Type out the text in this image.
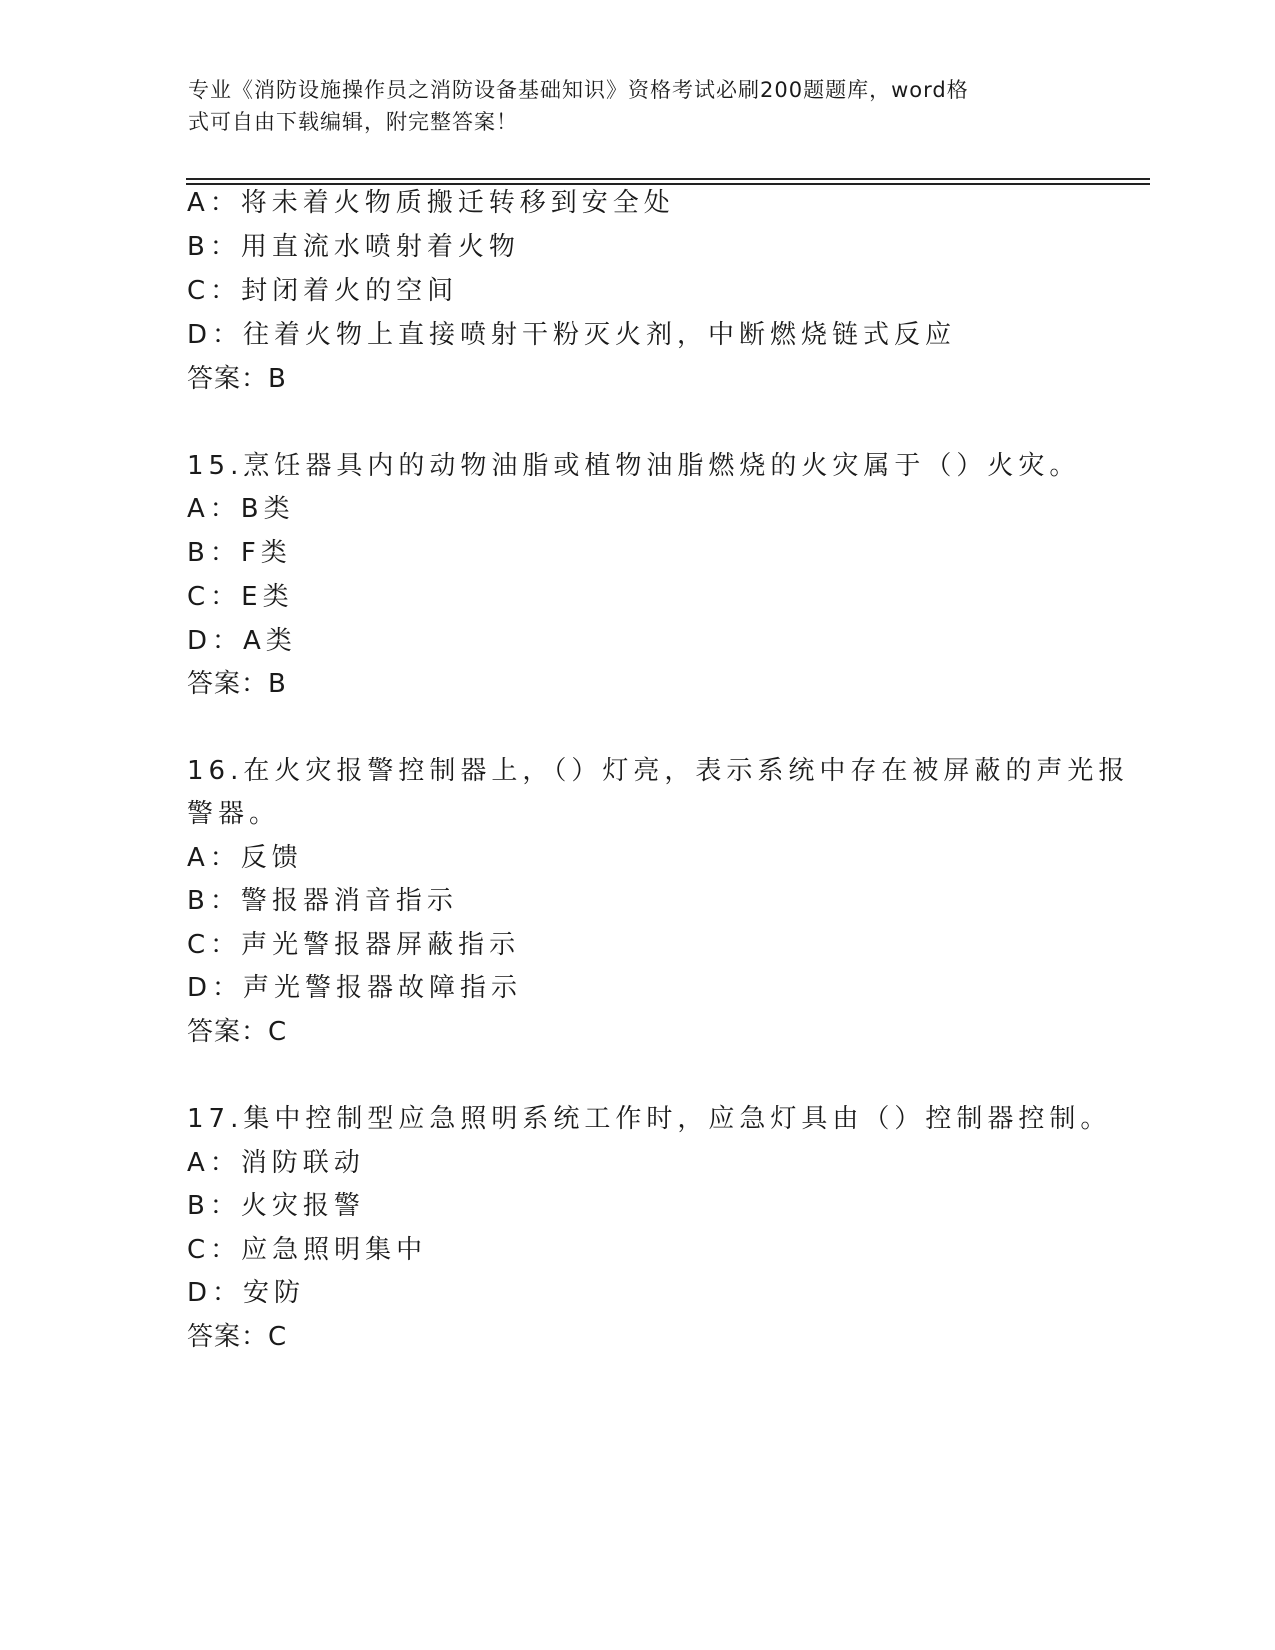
专业《消防设施操作员之消防设备基础知识》资格考试必刷200题题库，word格
式可自由下载编辑，附完整答案！
A：将未着火物质搬迁转移到安全处
B：用直流水喷射着火物
C：封闭着火的空间
D：往着火物上直接喷射干粉灭火剂，中断燃烧链式反应
答案：B
15.烹饪器具内的动物油脂或植物油脂燃烧的火灾属于（）火灾。
A：B类
B：F类
C：E类
D：A类
答案：B
16.在火灾报警控制器上，（）灯亮，表示系统中存在被屏蔽的声光报
警器。
A：反馈
B：警报器消音指示
C：声光警报器屏蔽指示
D：声光警报器故障指示
答案：C
17.集中控制型应急照明系统工作时，应急灯具由（）控制器控制。
A：消防联动
B：火灾报警
C：应急照明集中
D：安防
答案：C
